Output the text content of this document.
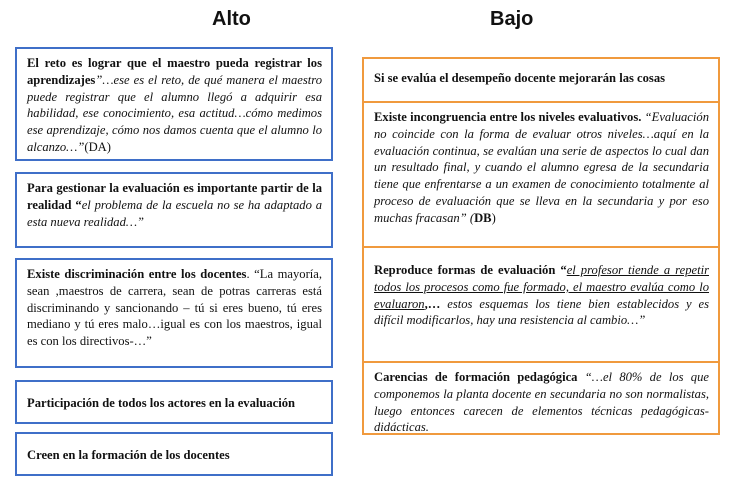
Alto	Bajo
El reto es lograr que el maestro pueda registrar los aprendizajes”…ese es el reto, de qué manera el maestro puede registrar que el alumno llegó a adquirir esa habilidad, ese conocimiento, esa actitud…cómo medimos ese aprendizaje, cómo nos damos cuenta que el alumno lo alcanzo…”(DA)
Para gestionar la evaluación es importante partir de la realidad “el problema de la escuela no se ha adaptado a esta nueva realidad…”
Existe discriminación entre los docentes. “La mayoría, sean ,maestros de carrera, sean de potras carreras está discriminando y sancionando – tú si eres bueno, tú eres mediano y tú eres malo…igual es con los maestros, igual es con los directivos-…”
Participación de todos los actores en la evaluación
Creen en la formación de los docentes
Si se evalúa el desempeño docente mejorarán las cosas
Existe incongruencia entre los niveles evaluativos. “Evaluación no coincide con la forma de evaluar otros niveles…aquí en la evaluación continua, se evalúan una serie de aspectos lo cual dan un resultado final, y cuando el alumno egresa de la secundaria tiene que enfrentarse a un examen de conocimiento totalmente al proceso de evaluación que se lleva en la secundaria y por eso muchas fracasan” (DB)
Reproduce formas de evaluación “el profesor tiende a repetir todos los procesos como fue formado, el maestro evalúa como lo evaluaron,… estos esquemas los tiene bien establecidos y es difícil modificarlos, hay una resistencia al cambio…”
Carencias de formación pedagógica “…el 80% de los que componemos la planta docente en secundaria no son normalistas, luego entonces carecen de elementos técnicas pedagógicas-didácticas.
